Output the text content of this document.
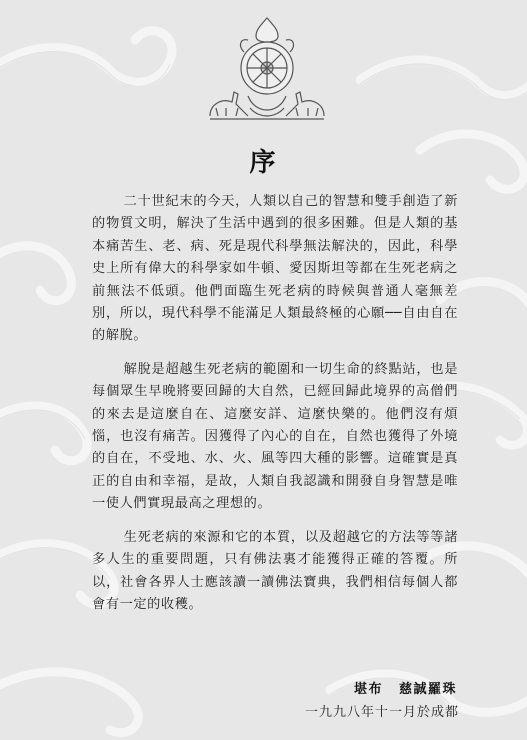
序

二十世紀末的今天，人類以自己的智慧和雙手創造了新的物質文明，解決了生活中遇到的很多困難。但是人類的基本痛苦生、老、病、死是現代科學無法解決的，因此，科學史上所有偉大的科學家如牛頓、愛因斯坦等都在生死老病之前無法不低頭。他們面臨生死老病的時候與普通人毫無差別，所以，現代科學不能滿足人類最終極的心願──自由自在的解脫。

解脫是超越生死老病的範圍和一切生命的終點站，也是每個眾生早晚將要回歸的大自然，已經回歸此境界的高僧們的來去是這麼自在、這麼安詳、這麼快樂的。他們沒有煩惱，也沒有痛苦。因獲得了內心的自在，自然也獲得了外境的自在，不受地、水、火、風等四大種的影響。這確實是真正的自由和幸福，是故，人類自我認識和開發自身智慧是唯一使人們實現最高之理想的。

生死老病的來源和它的本質，以及超越它的方法等等諸多人生的重要問題，只有佛法裏才能獲得正確的答覆。所以，社會各界人士應該讀一讀佛法寶典，我們相信每個人都會有一定的收穫。

堪布 慈誠羅珠
一九九八年十一月於成都
